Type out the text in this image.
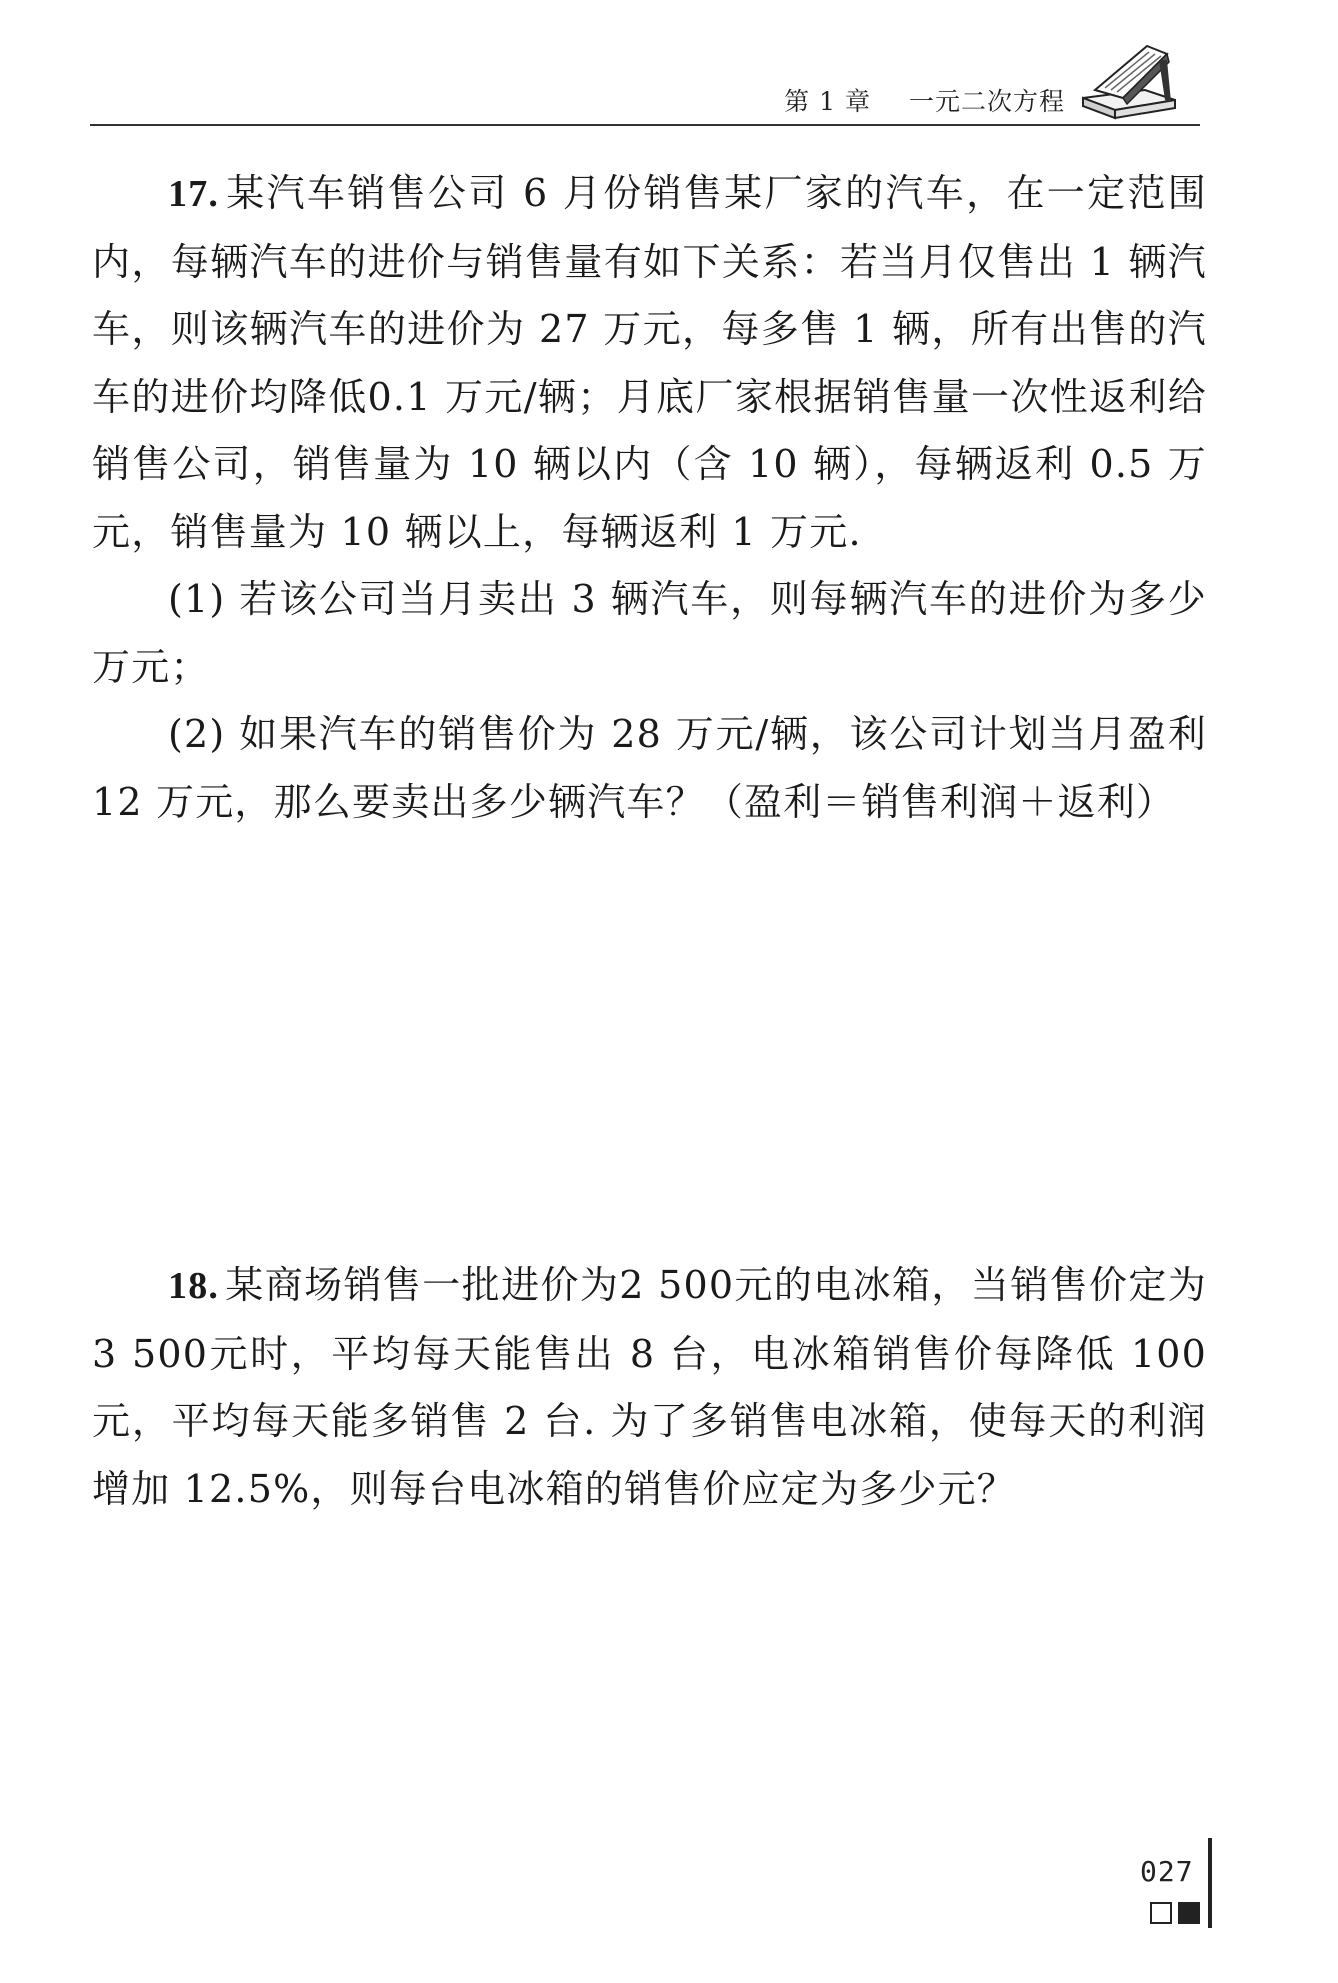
第 1 章 一元二次方程

17. 某汽车销售公司 6 月份销售某厂家的汽车，在一定范围内，每辆汽车的进价与销售量有如下关系：若当月仅售出 1 辆汽车，则该辆汽车的进价为 27 万元，每多售 1 辆，所有出售的汽车的进价均降低0.1 万元/辆；月底厂家根据销售量一次性返利给销售公司，销售量为 10 辆以内（含 10 辆），每辆返利 0.5 万元，销售量为 10 辆以上，每辆返利 1 万元.

(1) 若该公司当月卖出 3 辆汽车，则每辆汽车的进价为多少万元；

(2) 如果汽车的销售价为 28 万元/辆，该公司计划当月盈利 12 万元，那么要卖出多少辆汽车？（盈利＝销售利润＋返利）

18. 某商场销售一批进价为2 500元的电冰箱，当销售价定为3 500元时，平均每天能售出 8 台，电冰箱销售价每降低 100 元，平均每天能多销售 2 台. 为了多销售电冰箱，使每天的利润增加 12.5%，则每台电冰箱的销售价应定为多少元？

027
